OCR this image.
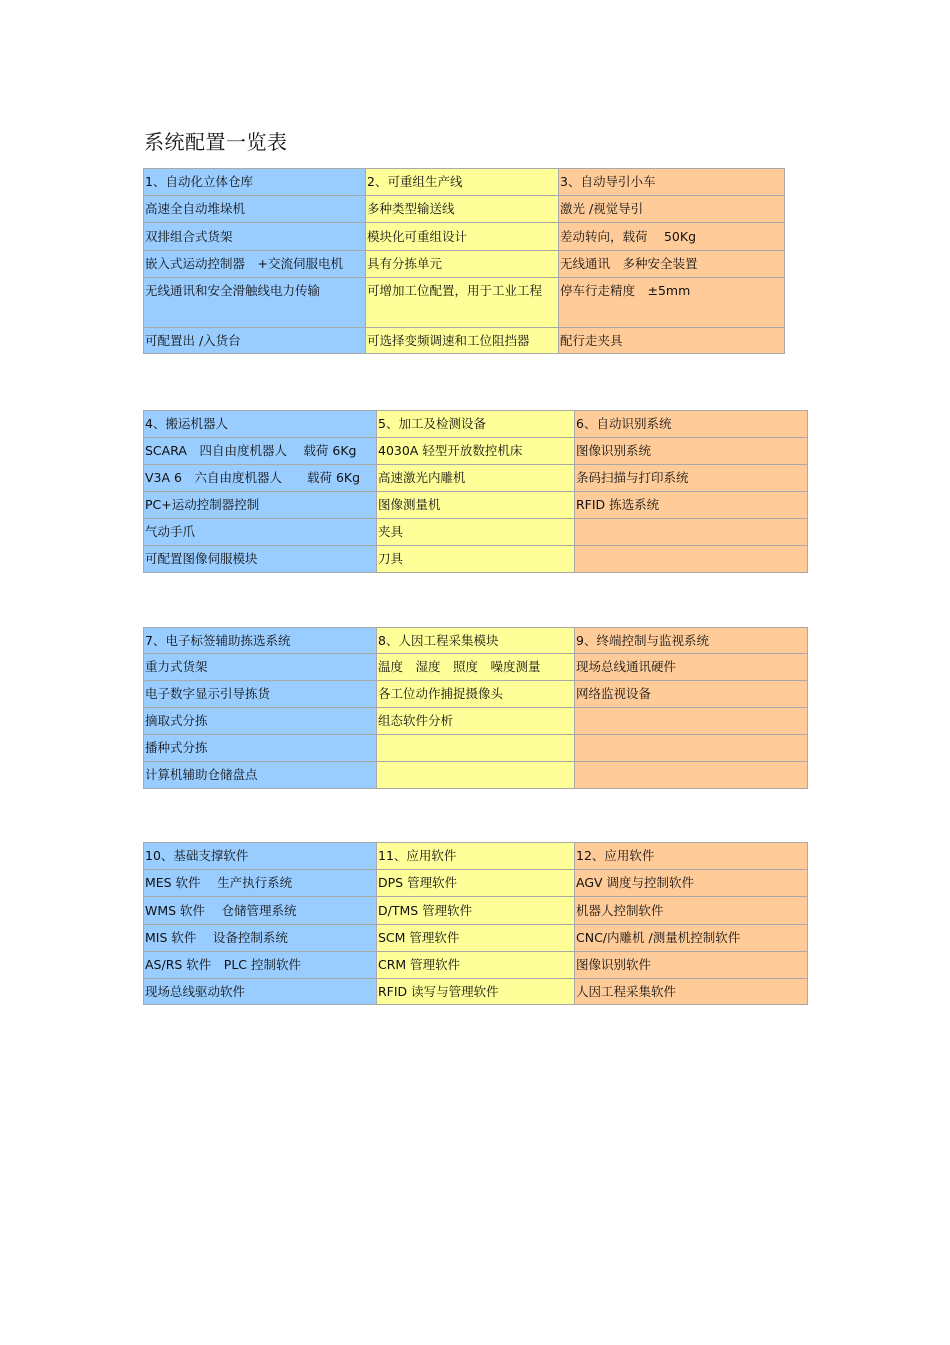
系统配置一览表
1、自动化立体仓库	2、可重组生产线	3、自动导引小车
高速全自动堆垛机	多种类型输送线	激光 /视觉导引
双排组合式货架	模块化可重组设计	差动转向，载荷　 50Kg
嵌入式运动控制器　+交流伺服电机	具有分拣单元	无线通讯　多种安全装置
无线通讯和安全滑触线电力传输	可增加工位配置，用于工业工程	停车行走精度　±5mm
可配置出 /入货台	可选择变频调速和工位阻挡器	配行走夹具
4、搬运机器人	5、加工及检测设备	6、自动识别系统
SCARA　四自由度机器人　 载荷 6Kg	4030A 轻型开放数控机床	图像识别系统
V3A 6　六自由度机器人　　载荷 6Kg	高速激光内雕机	条码扫描与打印系统
PC+运动控制器控制	图像测量机	RFID 拣选系统
气动手爪	夹具	
可配置图像伺服模块	刀具	
7、电子标签辅助拣选系统	8、人因工程采集模块	9、终端控制与监视系统
重力式货架	温度　湿度　照度　噪度测量	现场总线通讯硬件
电子数字显示引导拣货	各工位动作捕捉摄像头	网络监视设备
摘取式分拣	组态软件分析	
播种式分拣		
计算机辅助仓储盘点		
10、基础支撑软件	11、应用软件	12、应用软件
MES 软件　 生产执行系统	DPS 管理软件	AGV 调度与控制软件
WMS 软件　 仓储管理系统	D/TMS 管理软件	机器人控制软件
MIS 软件　 设备控制系统	SCM 管理软件	CNC/内雕机 /测量机控制软件
AS/RS 软件　PLC 控制软件	CRM 管理软件	图像识别软件
现场总线驱动软件	RFID 读写与管理软件	人因工程采集软件
